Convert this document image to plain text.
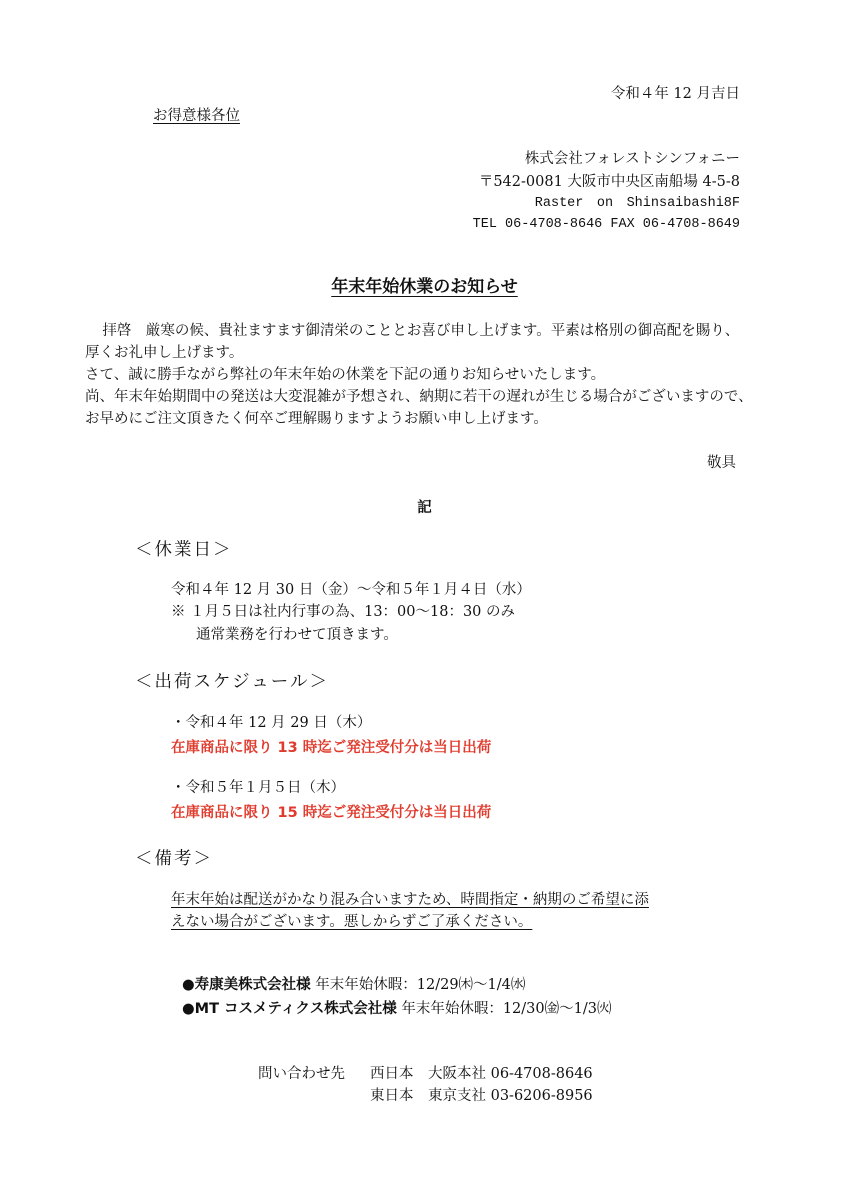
令和４年 12 月吉日
お得意様各位
株式会社フォレストシンフォニー
〒542-0081 大阪市中央区南船場 4-5-8
Raster　on　Shinsaibashi8F
TEL 06-4708-8646 FAX 06-4708-8649
年末年始休業のお知らせ

拝啓　厳寒の候、貴社ますます御清栄のこととお喜び申し上げます。平素は格別の御高配を賜り、厚くお礼申し上げます。

さて、誠に勝手ながら弊社の年末年始の休業を下記の通りお知らせいたします。

尚、年末年始期間中の発送は大変混雑が予想され、納期に若干の遅れが生じる場合がございますので、お早めにご注文頂きたく何卒ご理解賜りますようお願い申し上げます。

敬具
記
＜休業日＞
令和４年 12 月 30 日（金）～令和５年１月４日（水）
※ １月５日は社内行事の為、13：00～18：30 のみ
通常業務を行わせて頂きます。
＜出荷スケジュール＞
・令和４年 12 月 29 日（木）
在庫商品に限り 13 時迄ご発注受付分は当日出荷
・令和５年１月５日（木）
在庫商品に限り 15 時迄ご発注受付分は当日出荷
＜備考＞
年末年始は配送がかなり混み合いますため、時間指定・納期のご希望に添
えない場合がございます。悪しからずご了承ください。
●寿康美株式会社様 年末年始休暇：12/29㈭～1/4㈬
●MT コスメティクス株式会社様 年末年始休暇：12/30㈮～1/3㈫
問い合わせ先 西日本　大阪本社 06-4708-8646
東日本　東京支社 03-6206-8956
